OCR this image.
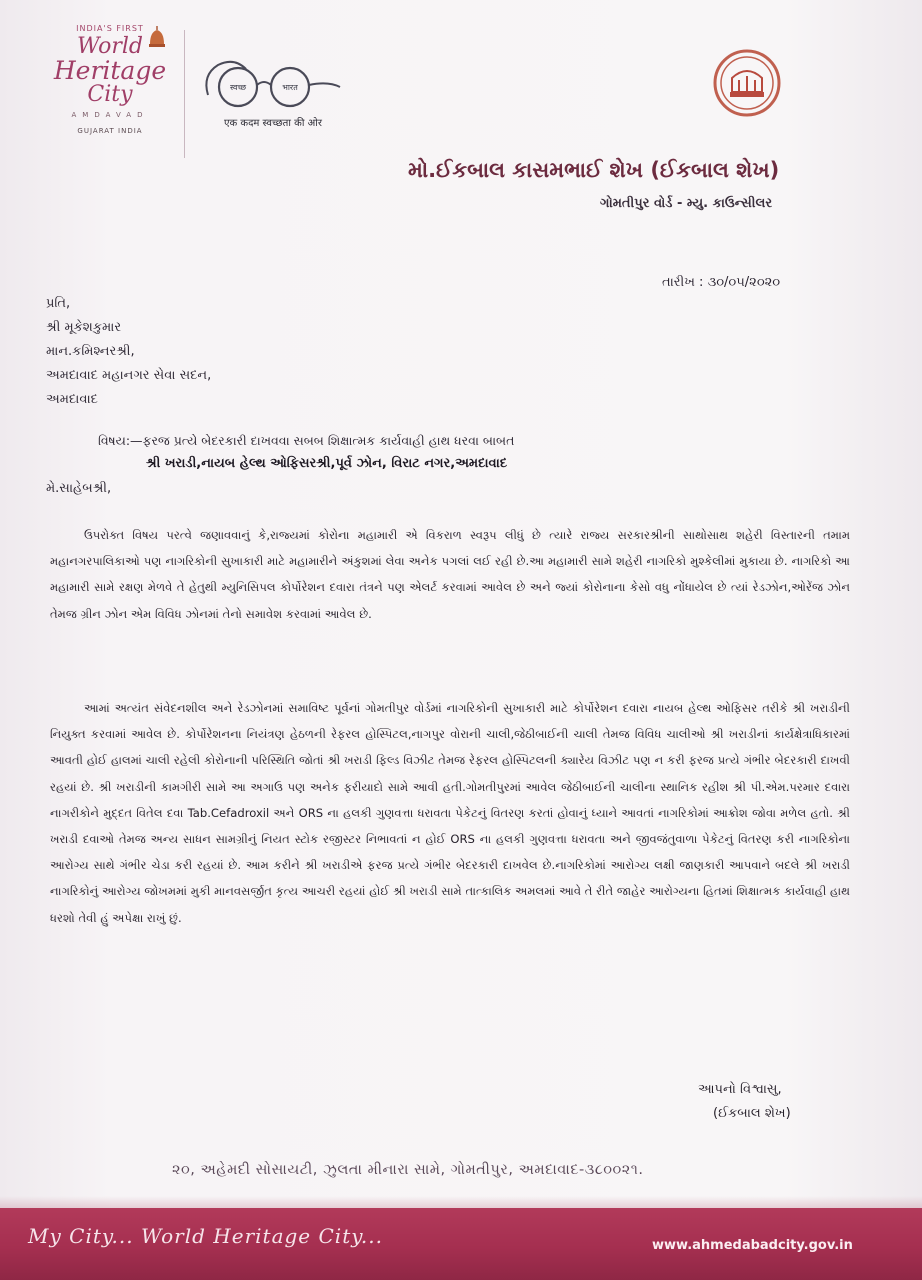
INDIA'S FIRST
World
Heritage
City
AMDAVAD
GUJARAT INDIA
स्वच्छ	भारत
एक कदम स्वच्छता की ओर
મો.ઈકબાલ કાસમભાઈ શેખ (ઈકબાલ શેખ)
ગોમતીપુર વોર્ડ - મ્યુ. કાઉન્સીલર
તારીખ : ૩૦/૦૫/૨૦૨૦
પ્રતિ,
શ્રી મૂકેશકુમાર
માન.કમિશ્નરશ્રી,
અમદાવાદ મહાનગર સેવા સદન,
અમદાવાદ
વિષય:—ફરજ પ્રત્યે બેદરકારી દાખવવા સબબ શિક્ષાત્મક કાર્યવાહી હાથ ધરવા બાબત
શ્રી ખરાડી,નાયબ હેલ્થ ઓફિસરશ્રી,પૂર્વ ઝોન, વિરાટ નગર,અમદાવાદ
મે.સાહેબશ્રી,
ઉપરોક્ત વિષય પરત્વે જણાવવાનું કે,રાજ્યમાં કોરોના મહામારી એ વિકરાળ સ્વરૂપ લીધું છે ત્યારે રાજ્ય સરકારશ્રીની સાથોસાથ શહેરી વિસ્તારની તમામ મહાનગરપાલિકાઓ પણ નાગરિકોની સુખાકારી માટે મહામારીને અંકુશમાં લેવા અનેક પગલાં લઈ રહી છે.આ મહામારી સામે શહેરી નાગરિકો મુશ્કેલીમાં મુકાયા છે. નાગરિકો આ મહામારી સામે રક્ષણ મેળવે તે હેતુથી મ્યુનિસિપલ કોર્પોરેશન દવારા તંત્રને પણ એલર્ટ કરવામાં આવેલ છે અને જ્યાં કોરોનાના કેસો વધુ નોંધાયેલ છે ત્યાં રેડઝોન,ઓરેંજ ઝોન તેમજ ગ્રીન ઝોન એમ વિવિધ ઝોનમાં તેનો સમાવેશ કરવામાં આવેલ છે.
આમાં અત્યંત સંવેદનશીલ અને રેડઝોનમાં સમાવિષ્ટ પૂર્વનાં ગોમતીપુર વોર્ડમાં નાગરિકોની સુખાકારી માટે કોર્પોરેશન દવારા નાયબ હેલ્થ ઓફિસર તરીકે શ્રી ખરાડીની નિયુક્ત કરવામાં આવેલ છે. કોર્પોરેશનના નિયંત્રણ હેઠળની રેફરલ હોસ્પિટલ,નાગપુર વોરાની ચાલી,જેઠીબાઈની ચાલી તેમજ વિવિધ ચાલીઓ શ્રી ખરાડીનાં કાર્યક્ષેત્રાધિકારમાં આવતી હોઈ હાલમાં ચાલી રહેલી કોરોનાની પરિસ્થિતિ જોતાં શ્રી ખરાડી ફિલ્ડ વિઝીટ તેમજ રેફરલ હોસ્પિટલની ક્યારેય વિઝીટ પણ ન કરી ફરજ પ્રત્યે ગંભીર બેદરકારી દાખવી રહયાં છે. શ્રી ખરાડીની કામગીરી સામે આ અગાઉ પણ અનેક ફરીયાદો સામે આવી હતી.ગોમતીપુરમાં આવેલ જેઠીબાઈની ચાલીના સ્થાનિક રહીશ શ્રી પી.એમ.પરમાર દવારા નાગરીકોને મુદ્દત વિતેલ દવા Tab.Cefadroxil અને ORS ના હલકી ગુણવત્તા ધરાવતા પેકેટનું વિતરણ કરતાં હોવાનું ધ્યાને આવતાં નાગરિકોમાં આક્રોશ જોવા મળેલ હતો. શ્રી ખરાડી દવાઓ તેમજ અન્ય સાધન સામગ્રીનું નિયત સ્ટોક રજીસ્ટર નિભાવતાં ન હોઈ ORS ના હલકી ગુણવત્તા ધરાવતા અને જીવજંતુવાળા પેકેટનું વિતરણ કરી નાગરિકોના આરોગ્ય સાથે ગંભીર ચેડા કરી રહયાં છે. આમ કરીને શ્રી ખરાડીએ ફરજ પ્રત્યે ગંભીર બેદરકારી દાખવેલ છે.નાગરિકોમાં આરોગ્ય લક્ષી જાણકારી આપવાને બદલે શ્રી ખરાડી નાગરિકોનું આરોગ્ય જોખમમાં મુકી માનવસર્જીત કૃત્ય આચરી રહયાં હોઈ શ્રી ખરાડી સામે તાત્કાલિક અમલમાં આવે તે રીતે જાહેર આરોગ્યના હિતમાં શિક્ષાત્મક કાર્યવાહી હાથ ધરશો તેવી હું અપેક્ષા રાખું છું.
આપનો વિશ્વાસુ,
(ઈકબાલ શેખ)
૨૦, અહેમદી સોસાયટી, ઝુલતા મીનારા સામે, ગોમતીપુર, અમદાવાદ-૩૮૦૦૨૧.
My City... World Heritage City...	www.ahmedabadcity.gov.in
